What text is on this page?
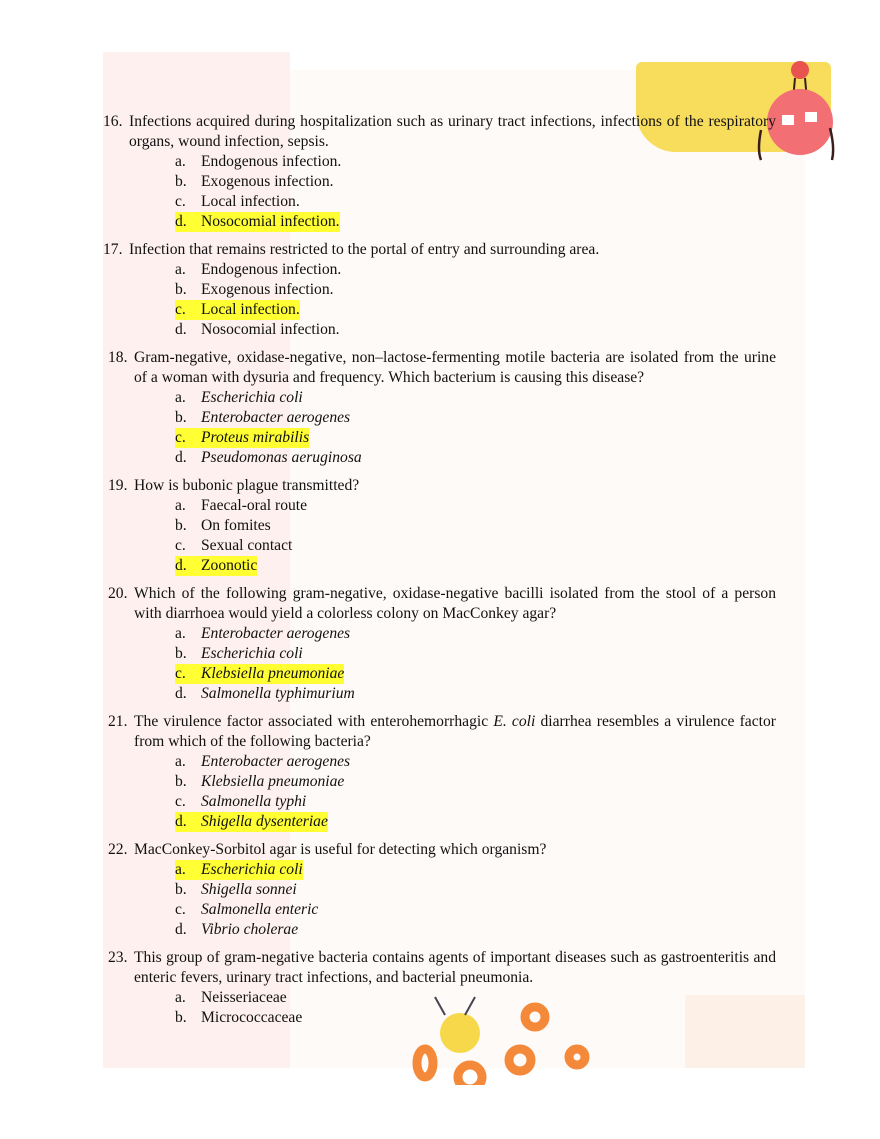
16. Infections acquired during hospitalization such as urinary tract infections, infections of the respiratory organs, wound infection, sepsis.
a. Endogenous infection.
b. Exogenous infection.
c. Local infection.
d. Nosocomial infection.
17. Infection that remains restricted to the portal of entry and surrounding area.
a. Endogenous infection.
b. Exogenous infection.
c. Local infection.
d. Nosocomial infection.
18. Gram-negative, oxidase-negative, non–lactose-fermenting motile bacteria are isolated from the urine of a woman with dysuria and frequency. Which bacterium is causing this disease?
a. Escherichia coli
b. Enterobacter aerogenes
c. Proteus mirabilis
d. Pseudomonas aeruginosa
19. How is bubonic plague transmitted?
a. Faecal-oral route
b. On fomites
c. Sexual contact
d. Zoonotic
20. Which of the following gram-negative, oxidase-negative bacilli isolated from the stool of a person with diarrhoea would yield a colorless colony on MacConkey agar?
a. Enterobacter aerogenes
b. Escherichia coli
c. Klebsiella pneumoniae
d. Salmonella typhimurium
21. The virulence factor associated with enterohemorrhagic E. coli diarrhea resembles a virulence factor from which of the following bacteria?
a. Enterobacter aerogenes
b. Klebsiella pneumoniae
c. Salmonella typhi
d. Shigella dysenteriae
22. MacConkey-Sorbitol agar is useful for detecting which organism?
a. Escherichia coli
b. Shigella sonnei
c. Salmonella enteric
d. Vibrio cholerae
23. This group of gram-negative bacteria contains agents of important diseases such as gastroenteritis and enteric fevers, urinary tract infections, and bacterial pneumonia.
a. Neisseriaceae
b. Micrococcaceae
